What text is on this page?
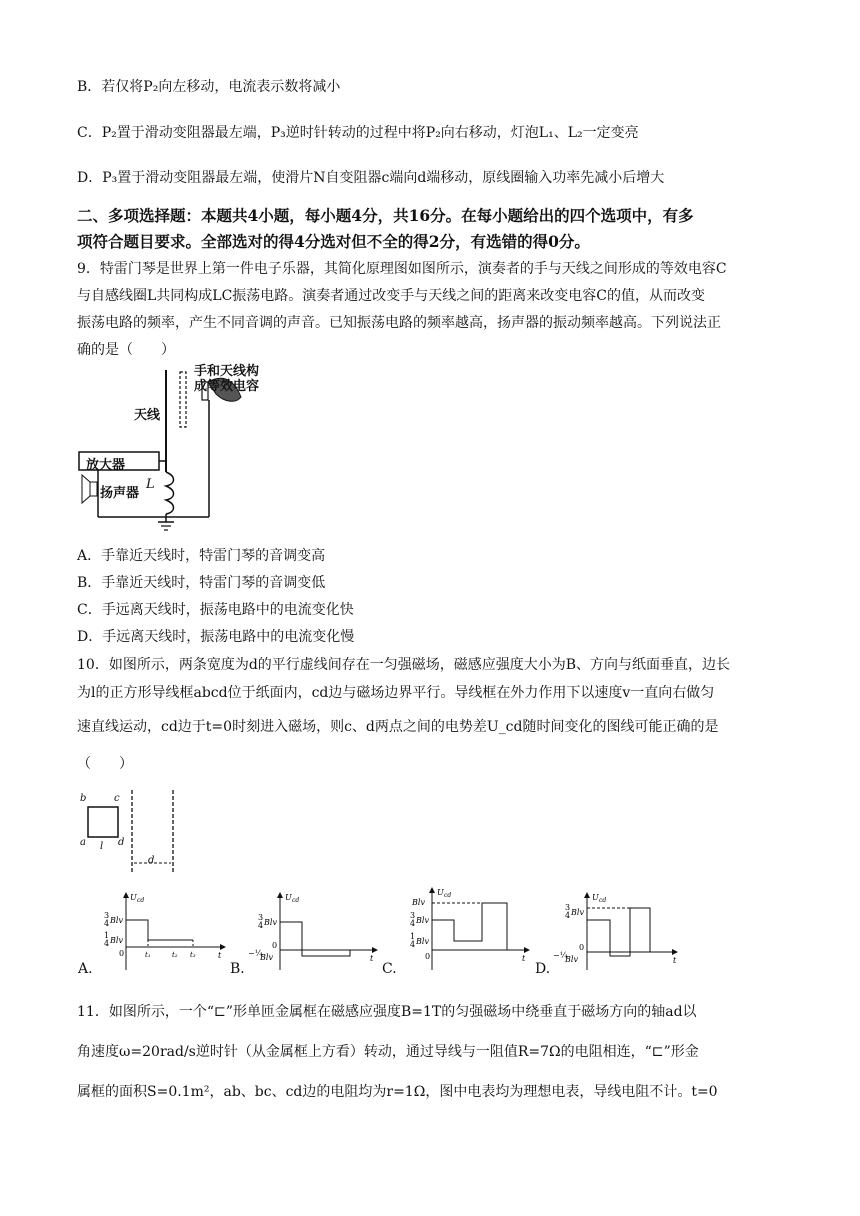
B．若仅将P₂向左移动，电流表示数将减小
C．P₂置于滑动变阻器最左端，P₃逆时针转动的过程中将P₂向右移动，灯泡L₁、L₂一定变亮
D．P₃置于滑动变阻器最左端，使滑片N自变阻器c端向d端移动，原线圈输入功率先减小后增大
二、多项选择题：本题共4小题，每小题4分，共16分。在每小题给出的四个选项中，有多
项符合题目要求。全部选对的得4分选对但不全的得2分，有选错的得0分。
9．特雷门琴是世界上第一件电子乐器，其简化原理图如图所示，演奏者的手与天线之间形成的等效电容C
与自感线圈L共同构成LC振荡电路。演奏者通过改变手与天线之间的距离来改变电容C的值，从而改变
振荡电路的频率，产生不同音调的声音。已知振荡电路的频率越高，扬声器的振动频率越高。下列说法正
确的是（　　）
天线
手和天线构成等效电容
放大器
扬声器
L
A．手靠近天线时，特雷门琴的音调变高
B．手靠近天线时，特雷门琴的音调变低
C．手远离天线时，振荡电路中的电流变化快
D．手远离天线时，振荡电路中的电流变化慢
10．如图所示，两条宽度为d的平行虚线间存在一匀强磁场，磁感应强度大小为B、方向与纸面垂直，边长
为l的正方形导线框abcd位于纸面内，cd边与磁场边界平行。导线框在外力作用下以速度v一直向右做匀
速直线运动，cd边于t=0时刻进入磁场，则c、d两点之间的电势差U_cd随时间变化的图线可能正确的是
（　　）
b	c
a	d
l
d
U cd
3
4 Blv
1
4 Blv
0	t₁	t₂ t₃	t
A.
U cd
3
4 Blv
0
−¼
Blv	t
B.
U cd
Blv
3
4 Blv
1
4 Blv
0	t
C.
U cd
3
4 Blv
0
−¼
Blv	t
D.
11．如图所示，一个“⊏”形单匝金属框在磁感应强度B=1T的匀强磁场中绕垂直于磁场方向的轴ad以
角速度ω=20rad/s逆时针（从金属框上方看）转动，通过导线与一阻值R=7Ω的电阻相连，“⊏”形金
属框的面积S=0.1m²，ab、bc、cd边的电阻均为r=1Ω，图中电表均为理想电表，导线电阻不计。t=0
